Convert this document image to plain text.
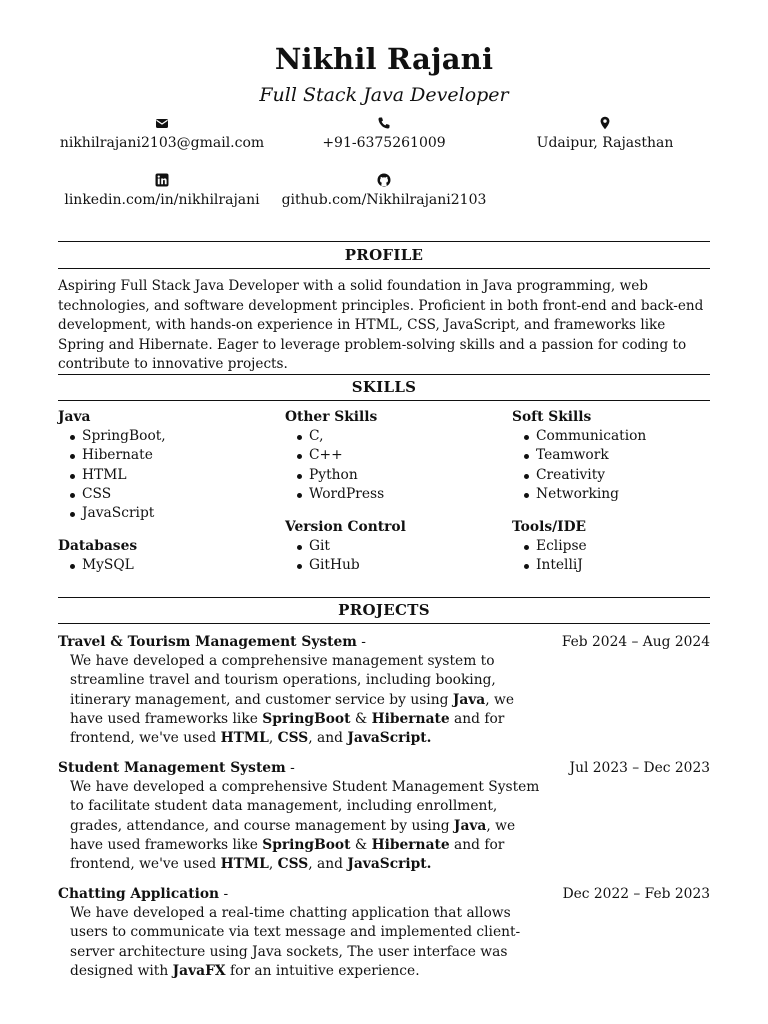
Nikhil Rajani
Full Stack Java Developer
nikhilrajani2103@gmail.com	+91-6375261009	Udaipur, Rajasthan
linkedin.com/in/nikhilrajani	github.com/Nikhilrajani2103
PROFILE
Aspiring Full Stack Java Developer with a solid foundation in Java programming, web technologies, and software development principles. Proficient in both front-end and back-end development, with hands-on experience in HTML, CSS, JavaScript, and frameworks like Spring and Hibernate. Eager to leverage problem-solving skills and a passion for coding to contribute to innovative projects.
SKILLS
Java
SpringBoot,
Hibernate
HTML
CSS
JavaScript
Databases
MySQL
Other Skills
C,
C++
Python
WordPress
Version Control
Git
GitHub
Soft Skills
Communication
Teamwork
Creativity
Networking
Tools/IDE
Eclipse
IntelliJ
PROJECTS
Travel & Tourism Management System -	Feb 2024 – Aug 2024
We have developed a comprehensive management system to streamline travel and tourism operations, including booking, itinerary management, and customer service by using Java, we have used frameworks like SpringBoot & Hibernate and for frontend, we've used HTML, CSS, and JavaScript.
Student Management System -	Jul 2023 – Dec 2023
We have developed a comprehensive Student Management System to facilitate student data management, including enrollment, grades, attendance, and course management by using Java, we have used frameworks like SpringBoot & Hibernate and for frontend, we've used HTML, CSS, and JavaScript.
Chatting Application -	Dec 2022 – Feb 2023
We have developed a real-time chatting application that allows users to communicate via text message and implemented client-server architecture using Java sockets, The user interface was designed with JavaFX for an intuitive experience.
